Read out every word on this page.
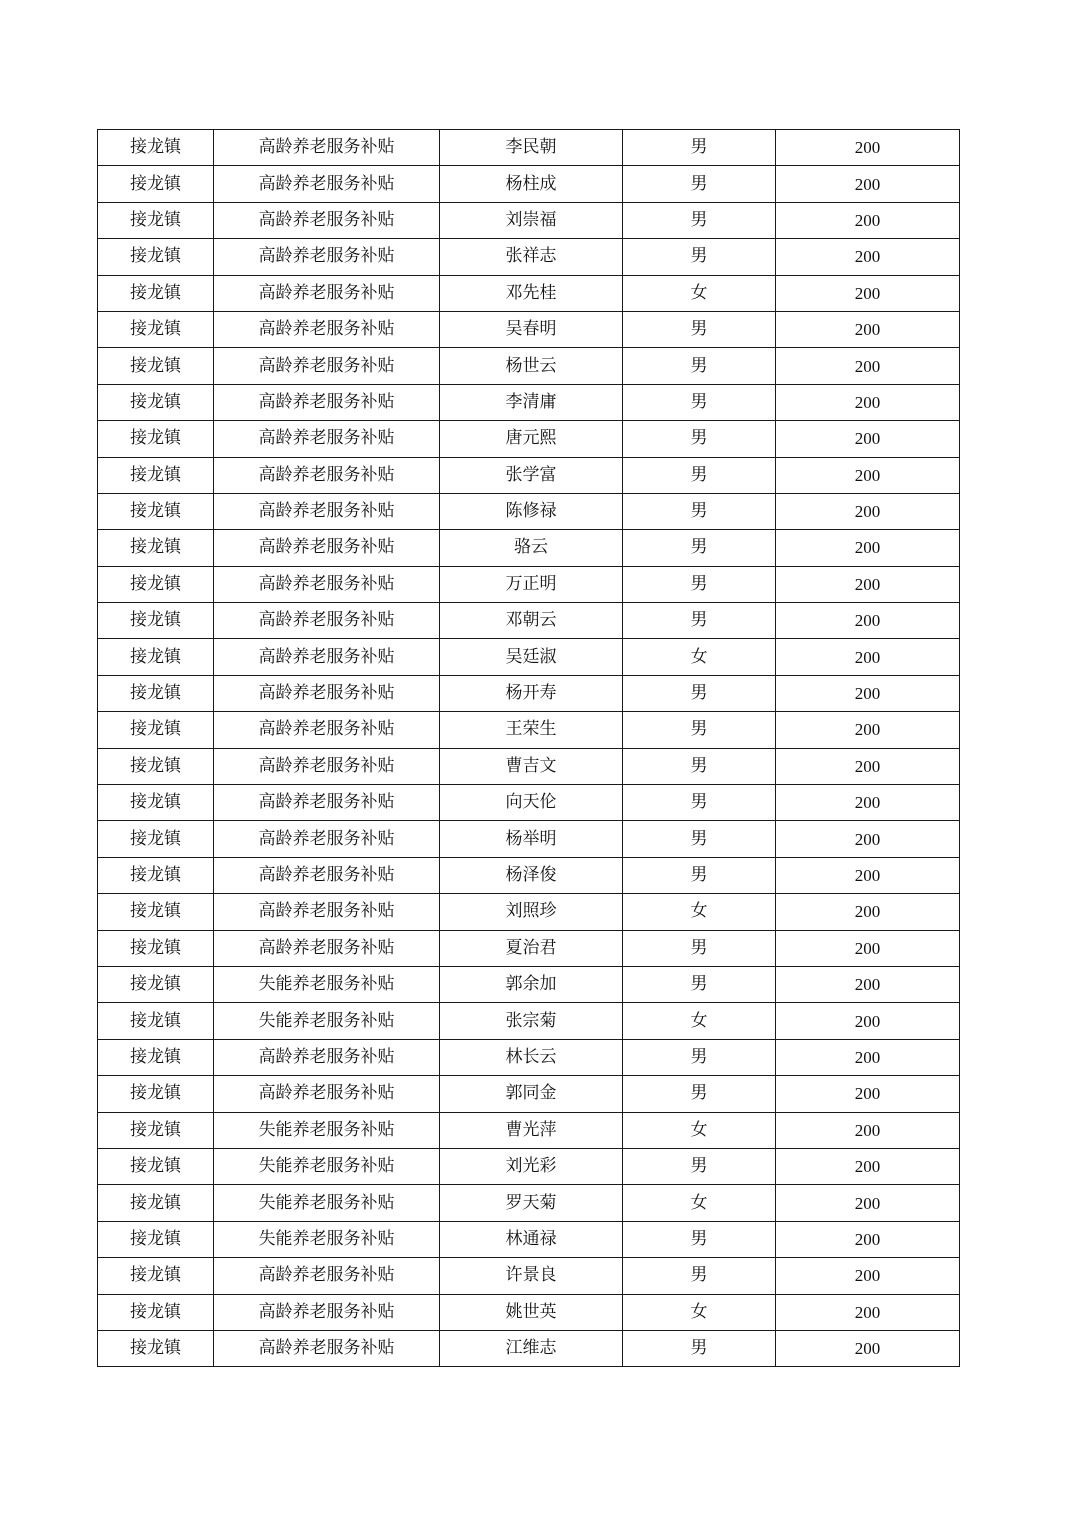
接龙镇	高龄养老服务补贴	李民朝	男	200
接龙镇	高龄养老服务补贴	杨柱成	男	200
接龙镇	高龄养老服务补贴	刘崇福	男	200
接龙镇	高龄养老服务补贴	张祥志	男	200
接龙镇	高龄养老服务补贴	邓先桂	女	200
接龙镇	高龄养老服务补贴	吴春明	男	200
接龙镇	高龄养老服务补贴	杨世云	男	200
接龙镇	高龄养老服务补贴	李清庸	男	200
接龙镇	高龄养老服务补贴	唐元熙	男	200
接龙镇	高龄养老服务补贴	张学富	男	200
接龙镇	高龄养老服务补贴	陈修禄	男	200
接龙镇	高龄养老服务补贴	骆云	男	200
接龙镇	高龄养老服务补贴	万正明	男	200
接龙镇	高龄养老服务补贴	邓朝云	男	200
接龙镇	高龄养老服务补贴	吴廷淑	女	200
接龙镇	高龄养老服务补贴	杨开寿	男	200
接龙镇	高龄养老服务补贴	王荣生	男	200
接龙镇	高龄养老服务补贴	曹吉文	男	200
接龙镇	高龄养老服务补贴	向天伦	男	200
接龙镇	高龄养老服务补贴	杨举明	男	200
接龙镇	高龄养老服务补贴	杨泽俊	男	200
接龙镇	高龄养老服务补贴	刘照珍	女	200
接龙镇	高龄养老服务补贴	夏治君	男	200
接龙镇	失能养老服务补贴	郭余加	男	200
接龙镇	失能养老服务补贴	张宗菊	女	200
接龙镇	高龄养老服务补贴	林长云	男	200
接龙镇	高龄养老服务补贴	郭同金	男	200
接龙镇	失能养老服务补贴	曹光萍	女	200
接龙镇	失能养老服务补贴	刘光彩	男	200
接龙镇	失能养老服务补贴	罗天菊	女	200
接龙镇	失能养老服务补贴	林通禄	男	200
接龙镇	高龄养老服务补贴	许景良	男	200
接龙镇	高龄养老服务补贴	姚世英	女	200
接龙镇	高龄养老服务补贴	江维志	男	200
